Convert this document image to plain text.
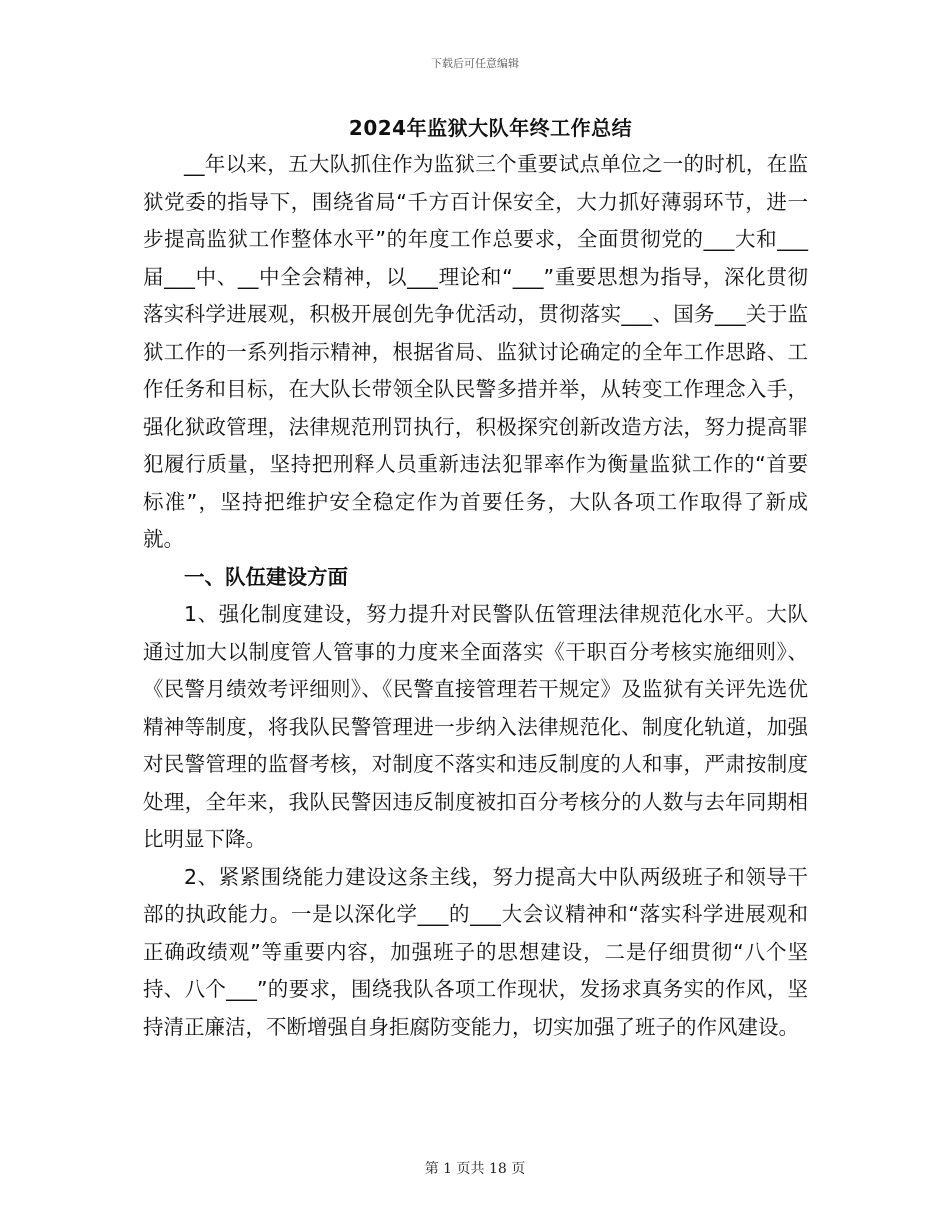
下载后可任意编辑
2024年监狱大队年终工作总结

__年以来，五大队抓住作为监狱三个重要试点单位之一的时机，在监狱党委的指导下，围绕省局“千方百计保安全，大力抓好薄弱环节，进一步提高监狱工作整体水平”的年度工作总要求，全面贯彻党的___大和___届___中、__中全会精神，以___理论和“___”重要思想为指导，深化贯彻落实科学进展观，积极开展创先争优活动，贯彻落实___、国务___关于监狱工作的一系列指示精神，根据省局、监狱讨论确定的全年工作思路、工作任务和目标，在大队长带领全队民警多措并举，从转变工作理念入手，强化狱政管理，法律规范刑罚执行，积极探究创新改造方法，努力提高罪犯履行质量，坚持把刑释人员重新违法犯罪率作为衡量监狱工作的“首要标准”，坚持把维护安全稳定作为首要任务，大队各项工作取得了新成就。

一、队伍建设方面

1、强化制度建设，努力提升对民警队伍管理法律规范化水平。大队通过加大以制度管人管事的力度来全面落实《干职百分考核实施细则》、《民警月绩效考评细则》、《民警直接管理若干规定》及监狱有关评先选优精神等制度，将我队民警管理进一步纳入法律规范化、制度化轨道，加强对民警管理的监督考核，对制度不落实和违反制度的人和事，严肃按制度处理，全年来，我队民警因违反制度被扣百分考核分的人数与去年同期相比明显下降。

2、紧紧围绕能力建设这条主线，努力提高大中队两级班子和领导干部的执政能力。一是以深化学___的___大会议精神和“落实科学进展观和正确政绩观”等重要内容，加强班子的思想建设，二是仔细贯彻“八个坚持、八个___”的要求，围绕我队各项工作现状，发扬求真务实的作风，坚持清正廉洁，不断增强自身拒腐防变能力，切实加强了班子的作风建设。

第 1 页共 18 页
